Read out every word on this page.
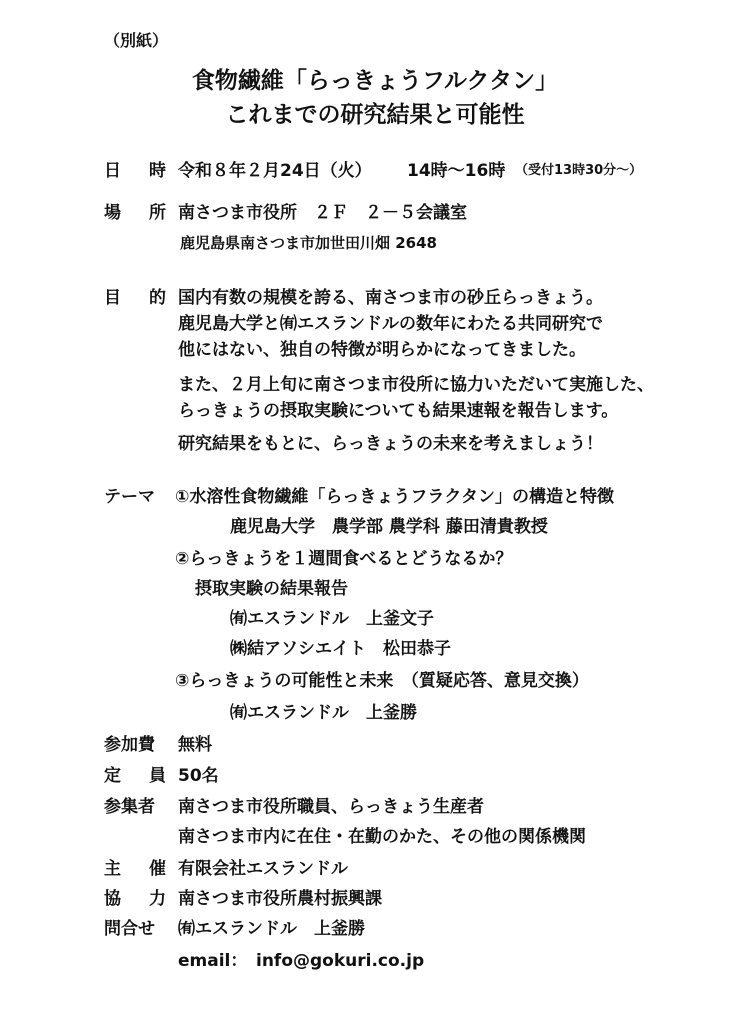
（別紙）
食物繊維「らっきょうフルクタン」
これまでの研究結果と可能性
日 時 令和８年２月24日（火） 14時～16時 （受付13時30分～）
場 所 南さつま市役所　２Ｆ　２－５会議室
鹿児島県南さつま市加世田川畑 2648
目 的 国内有数の規模を誇る、南さつま市の砂丘らっきょう。
鹿児島大学と㈲エスランドルの数年にわたる共同研究で
他にはない、独自の特徴が明らかになってきました。
また、２月上旬に南さつま市役所に協力いただいて実施した、
らっきょうの摂取実験についても結果速報を報告します。
研究結果をもとに、らっきょうの未来を考えましょう！
テーマ ①水溶性食物繊維「らっきょうフラクタン」の構造と特徴
鹿児島大学　農学部 農学科 藤田清貴教授
②らっきょうを１週間食べるとどうなるか？
摂取実験の結果報告
㈲エスランドル　上釜文子
㈱結アソシエイト　松田恭子
③らっきょうの可能性と未来　（質疑応答、意見交換）
㈲エスランドル　上釜勝
参加費 無料
定 員 50名
参集者 南さつま市役所職員、らっきょう生産者
南さつま市内に在住・在勤のかた、その他の関係機関
主 催 有限会社エスランドル
協 力 南さつま市役所農村振興課
問合せ ㈲エスランドル　上釜勝
email： info@gokuri.co.jp
